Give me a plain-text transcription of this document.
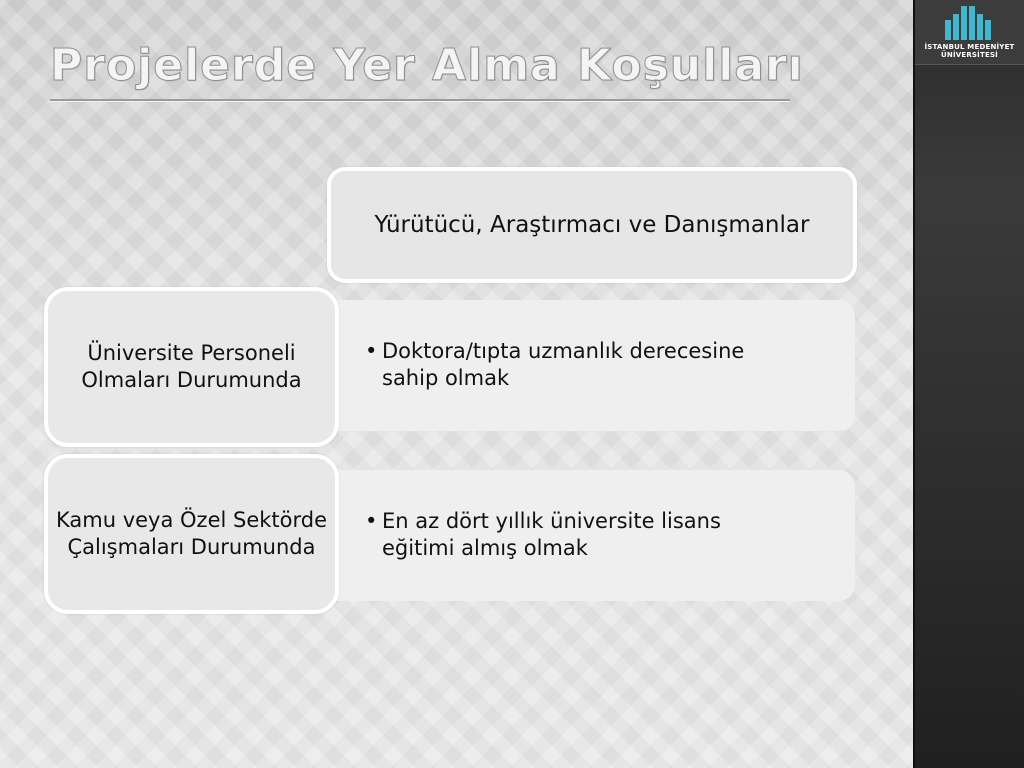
İSTANBUL MEDENİYET
ÜNİVERSİTESİ
Projelerde Yer Alma Koşulları
Yürütücü, Araştırmacı ve Danışmanlar
• Doktora/tıpta uzmanlık derecesine sahip olmak
Üniversite Personeli Olmaları Durumunda
• En az dört yıllık üniversite lisans eğitimi almış olmak
Kamu veya Özel Sektörde Çalışmaları Durumunda
